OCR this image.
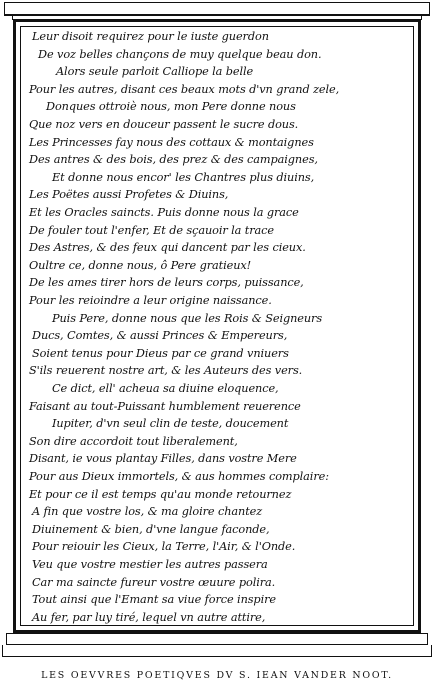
Leur disoit requirez pour le iuste guerdon
De voz belles chançons de muy quelque beau don.
Alors seule parloit Calliope la belle
Pour les autres, disant ces beaux mots d'vn grand zele,
Donques ottroiè nous, mon Pere donne nous
Que noz vers en douceur passent le sucre dous.
Les Princesses fay nous des cottaux & montaignes
Des antres & des bois, des prez & des campaignes,
Et donne nous encor' les Chantres plus diuins,
Les Poëtes aussi Profetes & Diuins,
Et les Oracles saincts. Puis donne nous la grace
De fouler tout l'enfer, Et de sçauoir la trace
Des Astres, & des feux qui dancent par les cieux.
Oultre ce, donne nous, ô Pere gratieux!
De les ames tirer hors de leurs corps, puissance,
Pour les reioindre a leur origine naissance.
Puis Pere, donne nous que les Rois & Seigneurs
Ducs, Comtes, & aussi Princes & Empereurs,
Soient tenus pour Dieus par ce grand vniuers
S'ils reuerent nostre art, & les Auteurs des vers.
Ce dict, ell' acheua sa diuine eloquence,
Faisant au tout-Puissant humblement reuerence
Iupiter, d'vn seul clin de teste, doucement
Son dire accordoit tout liberalement,
Disant, ie vous plantay Filles, dans vostre Mere
Pour aus Dieux immortels, & aus hommes complaire:
Et pour ce il est temps qu'au monde retournez
A fin que vostre los, & ma gloire chantez
Diuinement & bien, d'vne langue faconde,
Pour reiouir les Cieux, la Terre, l'Air, & l'Onde.
Veu que vostre mestier les autres passera
Car ma saincte fureur vostre œuure polira.
Tout ainsi que l'Emant sa viue force inspire
Au fer, par luy tiré, lequel vn autre attire,
LES OEVVRES POETIQVES DV S. IEAN VANDER NOOT.
